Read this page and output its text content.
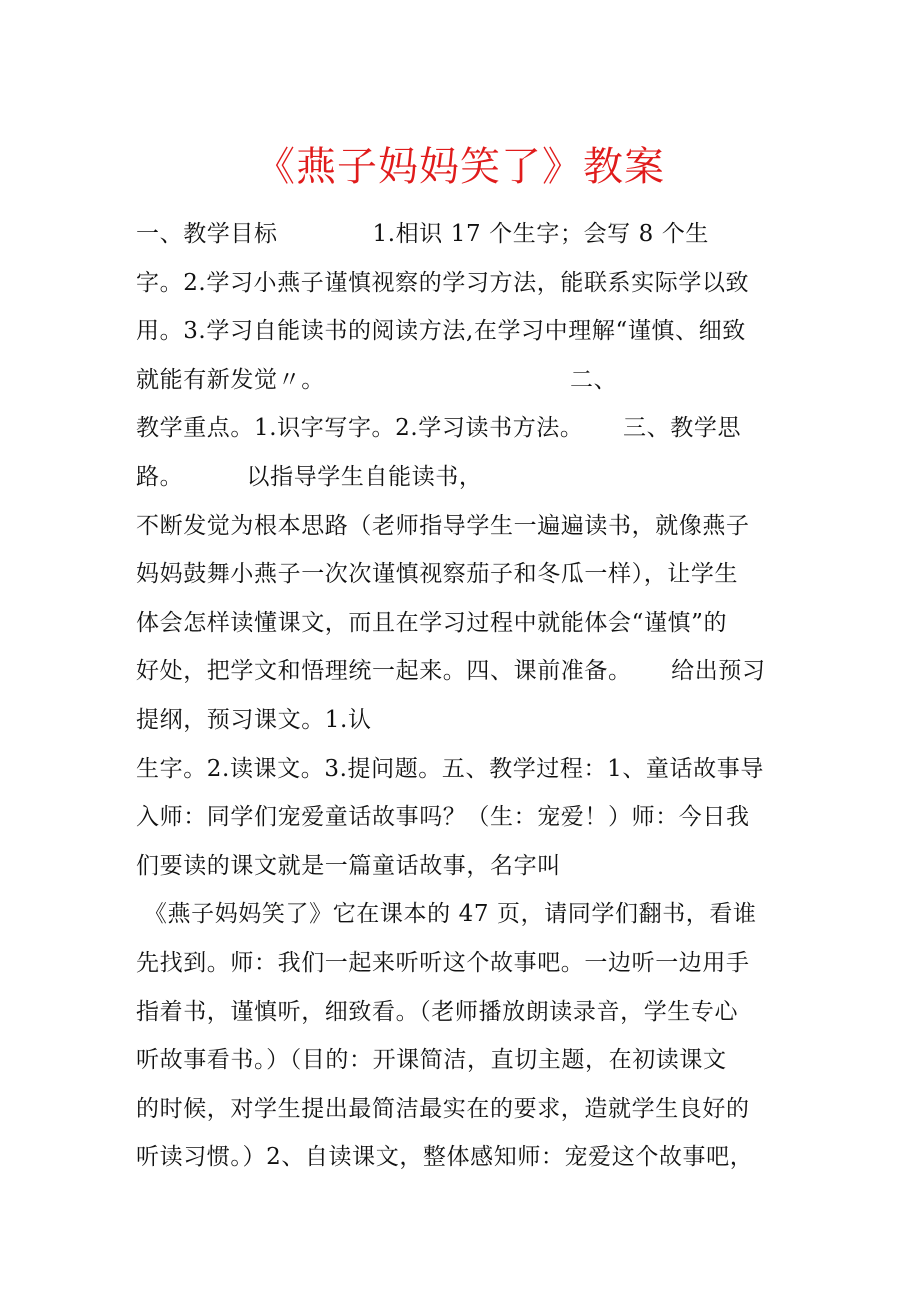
《燕子妈妈笑了》教案
一、教学目标            1.相识 17 个生字；会写 8 个生
字。2.学习小燕子谨慎视察的学习方法，能联系实际学以致
用。3.学习自能读书的阅读方法,在学习中理解“谨慎、细致
就能有新发觉〃。                               二、
教学重点。1.识字写字。2.学习读书方法。     三、教学思
路。        以指导学生自能读书，
不断发觉为根本思路（老师指导学生一遍遍读书，就像燕子
妈妈鼓舞小燕子一次次谨慎视察茄子和冬瓜一样），让学生
体会怎样读懂课文，而且在学习过程中就能体会“谨慎”的
好处，把学文和悟理统一起来。四、课前准备。     给出预习
提纲，预习课文。1.认
生字。2.读课文。3.提问题。五、教学过程：1、童话故事导
入师：同学们宠爱童话故事吗？（生：宠爱！）师：今日我
们要读的课文就是一篇童话故事，名字叫
《燕子妈妈笑了》它在课本的 47 页，请同学们翻书，看谁
先找到。师：我们一起来听听这个故事吧。一边听一边用手
指着书，谨慎听，细致看。（老师播放朗读录音，学生专心
听故事看书。）（目的：开课简洁，直切主题，在初读课文
的时候，对学生提出最简洁最实在的要求，造就学生良好的
听读习惯。）2、自读课文，整体感知师：宠爱这个故事吧，
